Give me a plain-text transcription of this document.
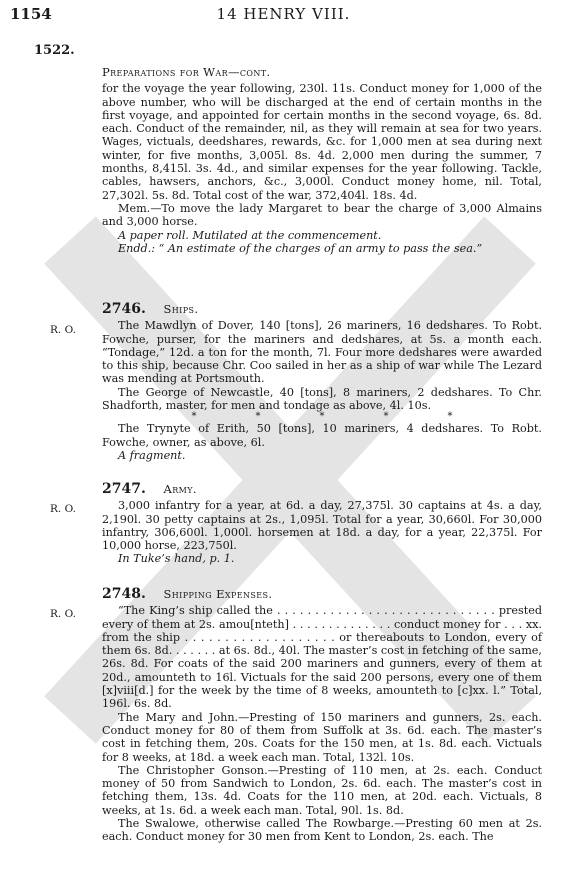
1154	14 HENRY VIII.
1522.
Preparations for War—cont.

for the voyage the year following, 230l. 11s. Conduct money for 1,000 of the above number, who will be discharged at the end of certain months in the first voyage, and appointed for certain months in the second voyage, 6s. 8d. each. Conduct of the remainder, nil, as they will remain at sea for two years. Wages, victuals, deedshares, rewards, &c. for 1,000 men at sea during next winter, for five months, 3,005l. 8s. 4d. 2,000 men during the summer, 7 months, 8,415l. 3s. 4d., and similar expenses for the year following. Tackle, cables, hawsers, anchors, &c., 3,000l. Conduct money home, nil. Total, 27,302l. 5s. 8d. Total cost of the war, 372,404l. 18s. 4d.

Mem.—To move the lady Margaret to bear the charge of 3,000 Almains and 3,000 horse.

A paper roll. Mutilated at the commencement.

Endd.: “ An estimate of the charges of an army to pass the sea.”

R. O.
2746. Ships.

The Mawdlyn of Dover, 140 [tons], 26 mariners, 16 dedshares. To Robt. Fowche, purser, for the mariners and dedshares, at 5s. a month each. “Tondage,” 12d. a ton for the month, 7l. Four more dedshares were awarded to this ship, because Chr. Coo sailed in her as a ship of war while The Lezard was mending at Portsmouth.

The George of Newcastle, 40 [tons], 8 mariners, 2 dedshares. To Chr. Shadforth, master, for men and tondage as above, 4l. 10s.

*	*	*	*	*

The Trynyte of Erith, 50 [tons], 10 mariners, 4 dedshares. To Robt. Fowche, owner, as above, 6l.

A fragment.

R. O.
2747. Army.

3,000 infantry for a year, at 6d. a day, 27,375l. 30 captains at 4s. a day, 2,190l. 30 petty captains at 2s., 1,095l. Total for a year, 30,660l. For 30,000 infantry, 306,600l. 1,000l. horsemen at 18d. a day, for a year, 22,375l. For 10,000 horse, 223,750l.

In Tuke’s hand, p. 1.

R. O.
2748. Shipping Expenses.

“The King’s ship called the . . . . . . . . . . . . . . . . . . . . . . . . . . . . . prested every of them at 2s. amou[nteth] . . . . . . . . . . . . . . conduct money for . . . xx. from the ship . . . . . . . . . . . . . . . . . . . or thereabouts to London, every of them 6s. 8d. . . . . . . at 6s. 8d., 40l. The master’s cost in fetching of the same, 26s. 8d. For coats of the said 200 mariners and gunners, every of them at 20d., amounteth to 16l. Victuals for the said 200 persons, every one of them [x]viii[d.] for the week by the time of 8 weeks, amounteth to [c]xx. l.” Total, 196l. 6s. 8d.

The Mary and John.—Presting of 150 mariners and gunners, 2s. each. Conduct money for 80 of them from Suffolk at 3s. 6d. each. The master’s cost in fetching them, 20s. Coats for the 150 men, at 1s. 8d. each. Victuals for 8 weeks, at 18d. a week each man. Total, 132l. 10s.

The Christopher Gonson.—Presting of 110 men, at 2s. each. Conduct money of 50 from Sandwich to London, 2s. 6d. each. The master’s cost in fetching them, 13s. 4d. Coats for the 110 men, at 20d. each. Victuals, 8 weeks, at 1s. 6d. a week each man. Total, 90l. 1s. 8d.

The Swalowe, otherwise called The Rowbarge.—Presting 60 men at 2s. each. Conduct money for 30 men from Kent to London, 2s. each. The
